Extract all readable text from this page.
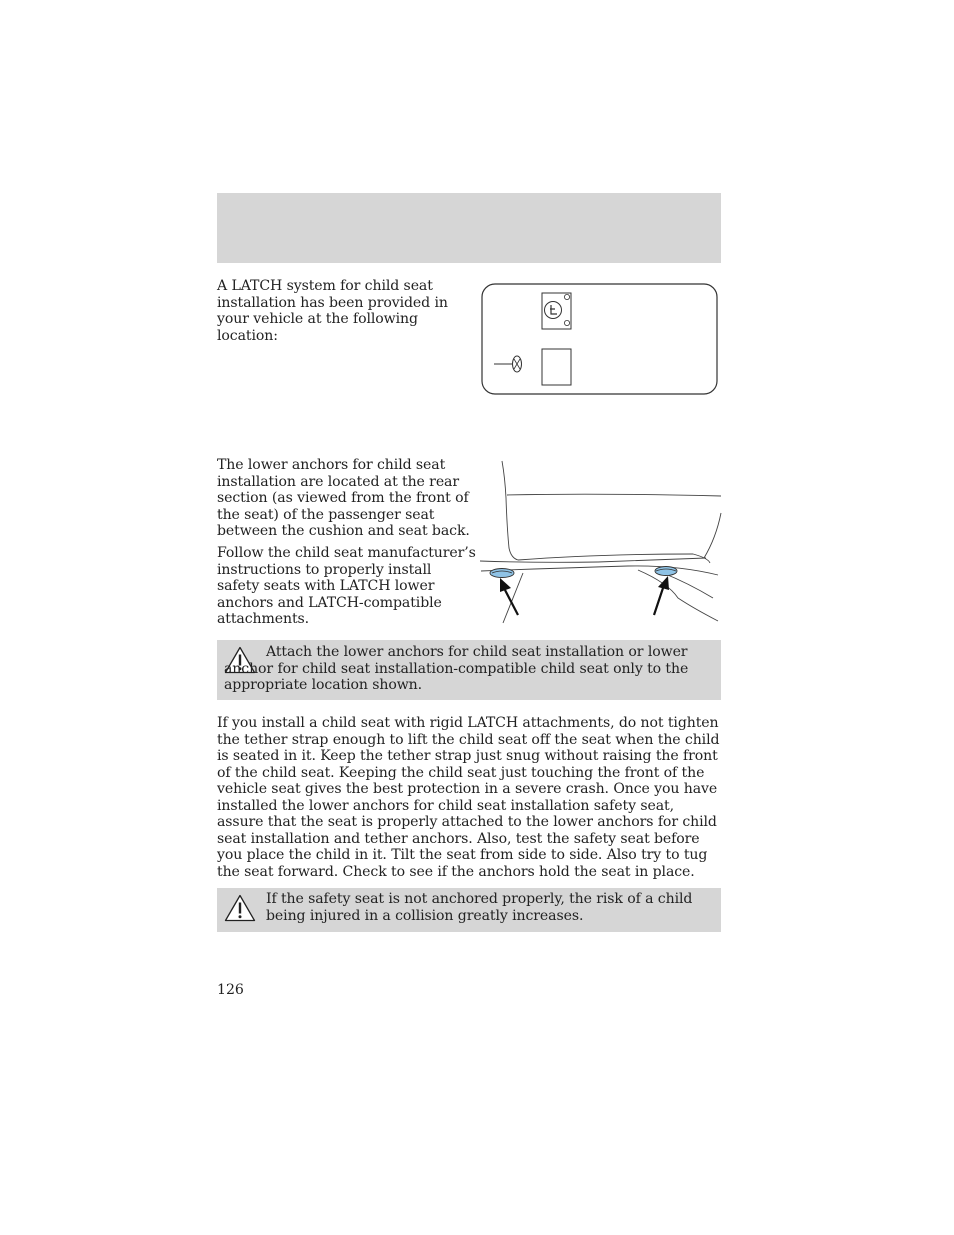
A LATCH system for child seat installation has been provided in your vehicle at the following location:

The lower anchors for child seat installation are located at the rear section (as viewed from the front of the seat) of the passenger seat between the cushion and seat back.

Follow the child seat manufacturer’s instructions to properly install safety seats with LATCH lower anchors and LATCH-compatible attachments.

Attach the lower anchors for child seat installation or lower anchor for child seat installation-compatible child seat only to the appropriate location shown.

If you install a child seat with rigid LATCH attachments, do not tighten the tether strap enough to lift the child seat off the seat when the child is seated in it. Keep the tether strap just snug without raising the front of the child seat. Keeping the child seat just touching the front of the vehicle seat gives the best protection in a severe crash. Once you have installed the lower anchors for child seat installation safety seat, assure that the seat is properly attached to the lower anchors for child seat installation and tether anchors. Also, test the safety seat before you place the child in it. Tilt the seat from side to side. Also try to tug the seat forward. Check to see if the anchors hold the seat in place.

If the safety seat is not anchored properly, the risk of a child being injured in a collision greatly increases.

126
